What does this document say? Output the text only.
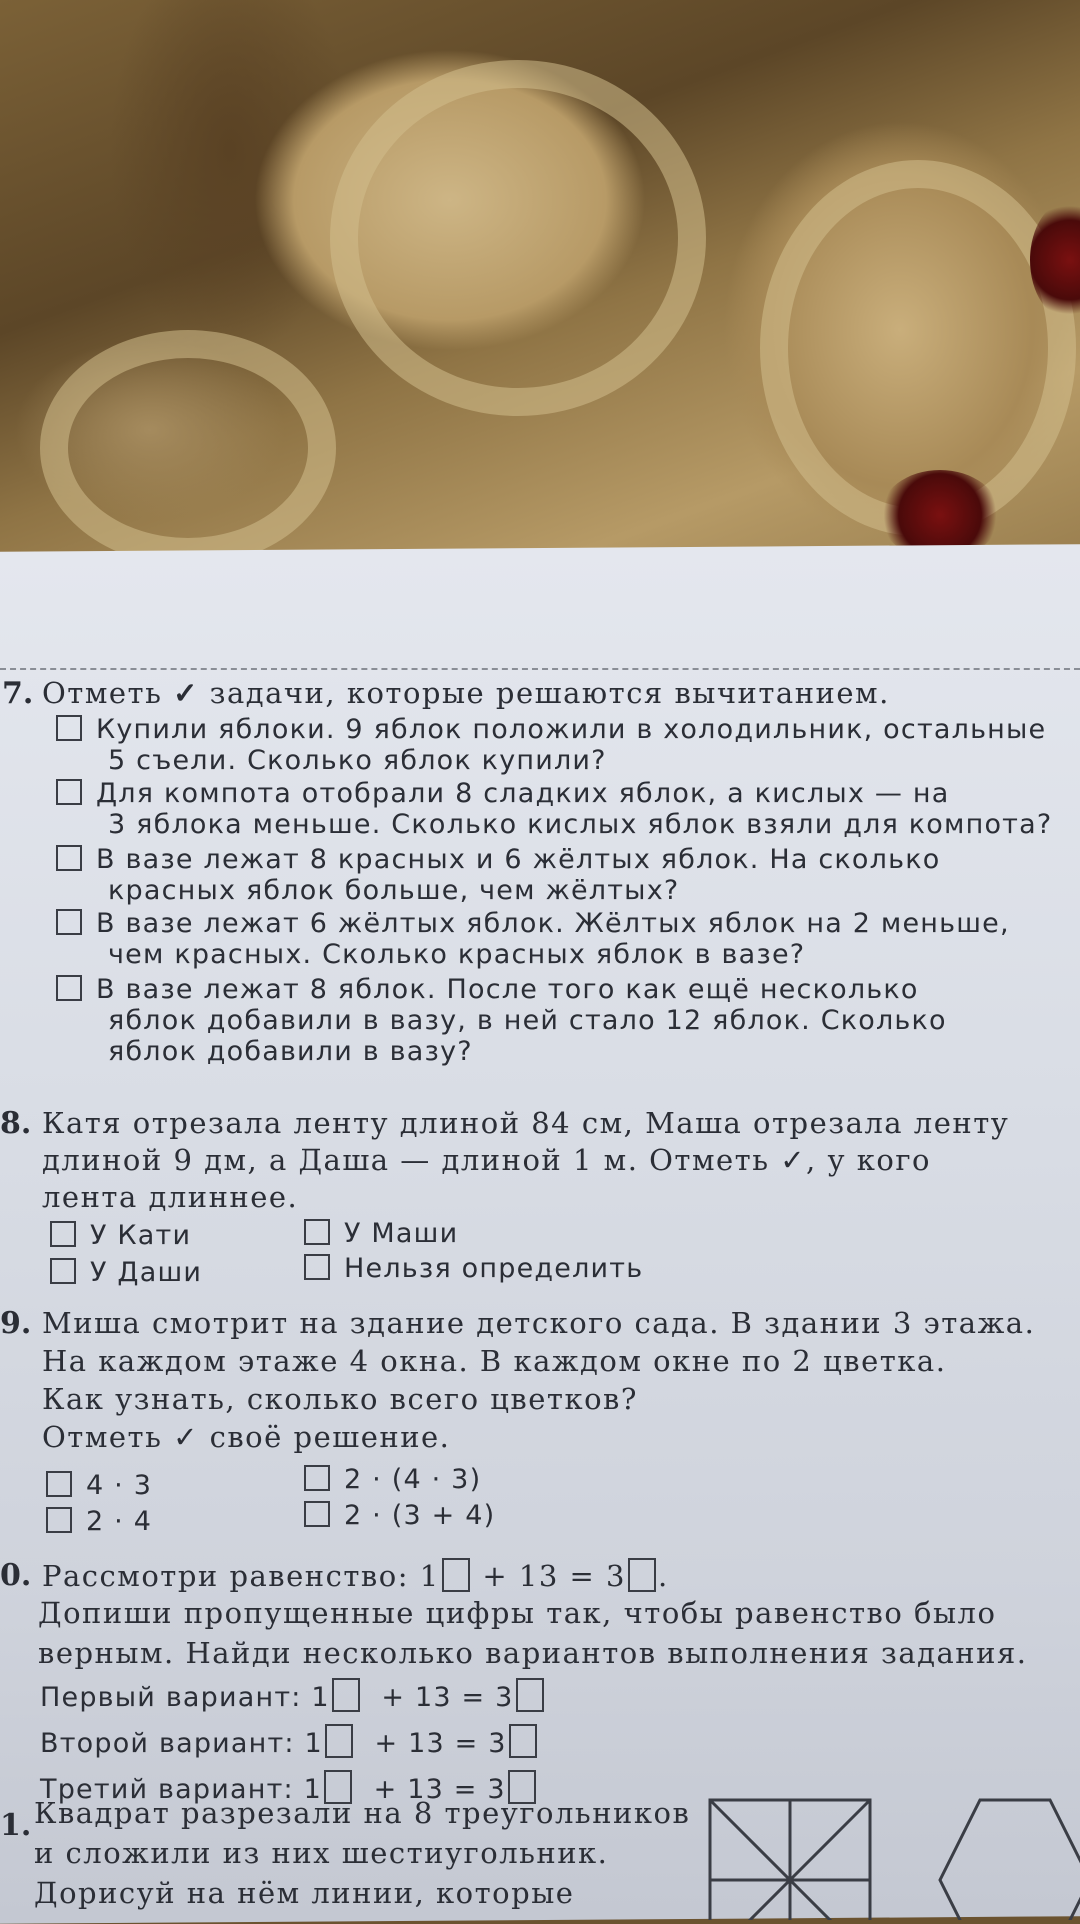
7. Отметь ✓ задачи, которые решаются вычитанием.
Купили яблоки. 9 яблок положили в холодильник, остальные
5 съели. Сколько яблок купили?
Для компота отобрали 8 сладких яблок, а кислых — на
3 яблока меньше. Сколько кислых яблок взяли для компота?
В вазе лежат 8 красных и 6 жёлтых яблок. На сколько
красных яблок больше, чем жёлтых?
В вазе лежат 6 жёлтых яблок. Жёлтых яблок на 2 меньше,
чем красных. Сколько красных яблок в вазе?
В вазе лежат 8 яблок. После того как ещё несколько
яблок добавили в вазу, в ней стало 12 яблок. Сколько
яблок добавили в вазу?
8. Катя отрезала ленту длиной 84 см, Маша отрезала ленту
длиной 9 дм, а Даша — длиной 1 м. Отметь ✓, у кого
лента длиннее.
У Кати	У Маши
У Даши	Нельзя определить
9. Миша смотрит на здание детского сада. В здании 3 этажа.
На каждом этаже 4 окна. В каждом окне по 2 цветка.
Как узнать, сколько всего цветков?
Отметь ✓ своё решение.
4 · 3	2 · (4 · 3)
2 · 4	2 · (3 + 4)
0. Рассмотри равенство: 1 + 13 = 3 .
Допиши пропущенные цифры так, чтобы равенство было
верным. Найди несколько вариантов выполнения задания.
Первый вариант: 1 + 13 = 3
Второй вариант: 1 + 13 = 3
Третий вариант: 1 + 13 = 3
1. Квадрат разрезали на 8 треугольников
и сложили из них шестиугольник.
Дорисуй на нём линии, которые
